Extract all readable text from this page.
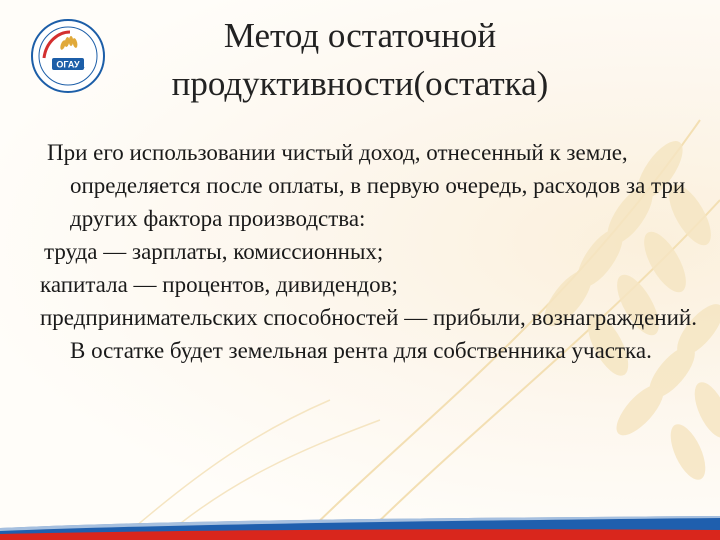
ОГАУ
Метод остаточной
продуктивности(остатка)

При его использовании чистый доход, отнесенный к земле, определяется после оплаты, в первую очередь, расходов за три других фактора производства:

труда — зарплаты, комиссионных;

капитала — процентов, дивидендов;

предпринимательских способностей — прибыли, вознаграждений. В остатке будет земельная рента для собственника участка.
